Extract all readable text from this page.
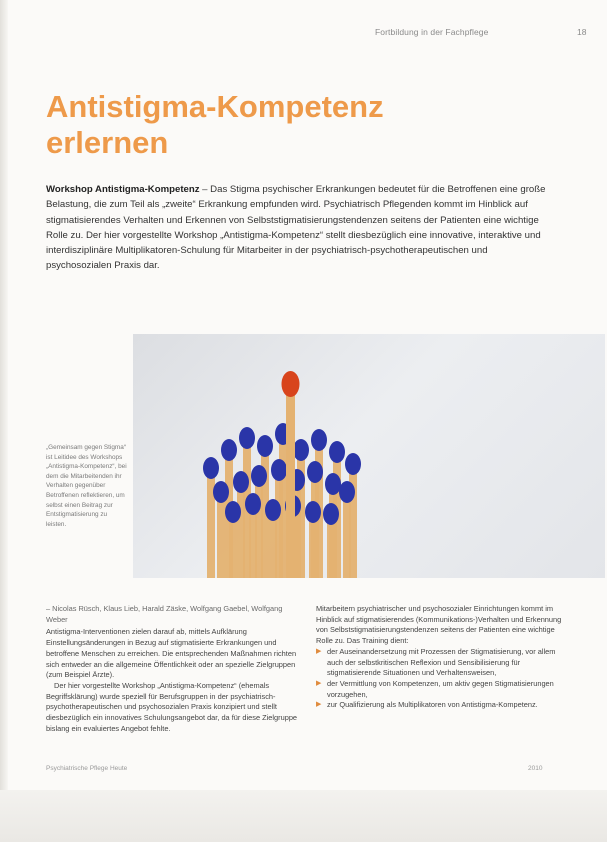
Fortbildung in der Fachpflege	18
Antistigma-Kompetenz erlernen

Workshop Antistigma-Kompetenz – Das Stigma psychischer Erkrankungen bedeutet für die Betroffenen eine große Belastung, die zum Teil als „zweite“ Erkrankung empfunden wird. Psychiatrisch Pflegenden kommt im Hinblick auf stigmatisierendes Verhalten und Erkennen von Selbststigmatisierungstendenzen seitens der Patienten eine wichtige Rolle zu. Der hier vorgestellte Workshop „Antistigma-Kompetenz“ stellt diesbezüglich eine innovative, interaktive und interdisziplinäre Multiplikatoren-Schulung für Mitarbeiter in der psychiatrisch-psychotherapeutischen und psychosozialen Praxis dar.

„Gemeinsam gegen Stigma“ ist Leitidee des Workshops „Antistigma-Kompetenz“, bei dem die Mitarbeitenden ihr Verhalten gegenüber Betroffenen reflektieren, um selbst einen Beitrag zur Entstigmatisierung zu leisten.

– Nicolas Rüsch, Klaus Lieb, Harald Zäske, Wolfgang Gaebel, Wolfgang Weber

Antistigma-Interventionen zielen darauf ab, mittels Aufklärung Einstellungsänderungen in Bezug auf stigmatisierte Erkrankungen und betroffene Menschen zu erreichen. Die entsprechenden Maßnahmen richten sich entweder an die allgemeine Öffentlichkeit oder an spezielle Zielgruppen (zum Beispiel Ärzte).

Der hier vorgestellte Workshop „Antistigma-Kompetenz“ (ehemals Begriffsklärung) wurde speziell für Berufsgruppen in der psychiatrisch-psychotherapeutischen und psychosozialen Praxis konzipiert und stellt diesbezüglich ein innovatives Schulungsangebot dar, da für diese Zielgruppe bislang ein evaluiertes Angebot fehlte.

Mitarbeitern psychiatrischer und psychosozialer Einrichtungen kommt im Hinblick auf stigmatisierendes (Kommunikations-)Verhalten und Erkennung von Selbststigmatisierungstendenzen seitens der Patienten eine wichtige Rolle zu. Das Training dient:

▶ der Auseinandersetzung mit Prozessen der Stigmatisierung, vor allem auch der selbstkritischen Reflexion und Sensibilisierung für stigmatisierende Situationen und Verhaltensweisen,
▶ der Vermittlung von Kompetenzen, um aktiv gegen Stigmatisierungen vorzugehen,
▶ zur Qualifizierung als Multiplikatoren von Antistigma-Kompetenz.
Psychiatrische Pflege Heute	2010
